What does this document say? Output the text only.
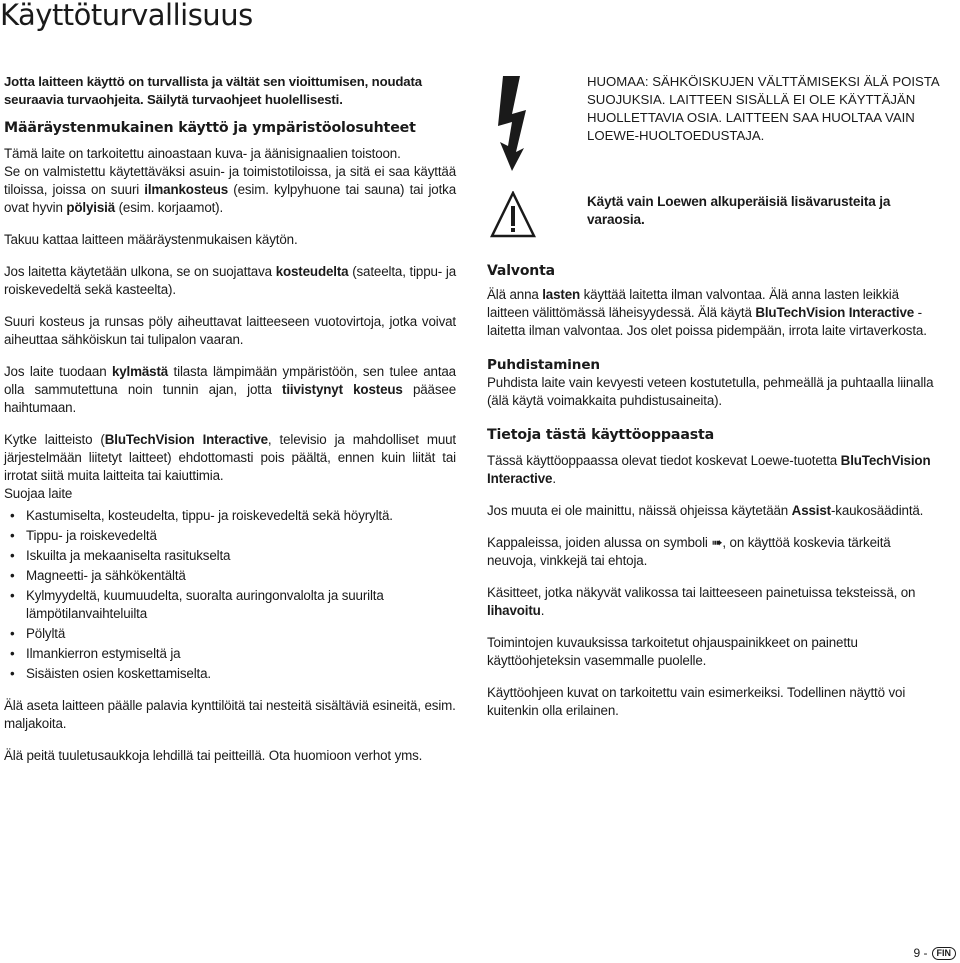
Käyttöturvallisuus

Jotta laitteen käyttö on turvallista ja vältät sen vioittumisen, noudata seuraavia turvaohjeita. Säilytä turvaohjeet huolellisesti.

Määräystenmukainen käyttö ja ympäristöolosuhteet

Tämä laite on tarkoitettu ainoastaan kuva- ja äänisignaalien toistoon.

Se on valmistettu käytettäväksi asuin- ja toimistotiloissa, ja sitä ei saa käyttää tiloissa, joissa on suuri ilmankosteus (esim. kylpyhuone tai sauna) tai jotka ovat hyvin pölyisiä (esim. korjaamot).

Takuu kattaa laitteen määräystenmukaisen käytön.

Jos laitetta käytetään ulkona, se on suojattava kosteudelta (sateelta, tippu- ja roiskevedeltä sekä kasteelta).

Suuri kosteus ja runsas pöly aiheuttavat laitteeseen vuotovirtoja, jotka voivat aiheuttaa sähköiskun tai tulipalon vaaran.

Jos laite tuodaan kylmästä tilasta lämpimään ympäristöön, sen tulee antaa olla sammutettuna noin tunnin ajan, jotta tiivistynyt kosteus pääsee haihtumaan.

Kytke laitteisto (BluTechVision Interactive, televisio ja mahdolliset muut järjestelmään liitetyt laitteet) ehdottomasti pois päältä, ennen kuin liität tai irrotat siitä muita laitteita tai kaiuttimia.

Suojaa laite

• Kastumiselta, kosteudelta, tippu- ja roiskevedeltä sekä höyryltä.
• Tippu- ja roiskevedeltä
• Iskuilta ja mekaaniselta rasitukselta
• Magneetti- ja sähkökentältä
• Kylmyydeltä, kuumuudelta, suoralta auringonvalolta ja suurilta lämpötilanvaihteluilta
• Pölyltä
• Ilmankierron estymiseltä ja
• Sisäisten osien koskettamiselta.

Älä aseta laitteen päälle palavia kynttilöitä tai nesteitä sisältäviä esineitä, esim. maljakoita.

Älä peitä tuuletusaukkoja lehdillä tai peitteillä. Ota huomioon verhot yms.

HUOMAA: SÄHKÖISKUJEN VÄLTTÄMISEKSI ÄLÄ POISTA SUOJUKSIA. LAITTEEN SISÄLLÄ EI OLE KÄYTTÄJÄN HUOLLETTAVIA OSIA. LAITTEEN SAA HUOLTAA VAIN LOEWE-HUOLTOEDUSTAJA.

Käytä vain Loewen alkuperäisiä lisävarusteita ja varaosia.

Valvonta

Älä anna lasten käyttää laitetta ilman valvontaa. Älä anna lasten leikkiä laitteen välittömässä läheisyydessä. Älä käytä BluTechVision Interactive -laitetta ilman valvontaa. Jos olet poissa pidempään, irrota laite virtaverkosta.

Puhdistaminen

Puhdista laite vain kevyesti veteen kostutetulla, pehmeällä ja puhtaalla liinalla (älä käytä voimakkaita puhdistusaineita).

Tietoja tästä käyttöoppaasta

Tässä käyttöoppaassa olevat tiedot koskevat Loewe-tuotetta BluTechVision Interactive.

Jos muuta ei ole mainittu, näissä ohjeissa käytetään Assist-kaukosäädintä.

Kappaleissa, joiden alussa on symboli ➠, on käyttöä koskevia tärkeitä neuvoja, vinkkejä tai ehtoja.

Käsitteet, jotka näkyvät valikossa tai laitteeseen painetuissa teksteissä, on lihavoitu.

Toimintojen kuvauksissa tarkoitetut ohjauspainikkeet on painettu käyttöohjeteksin vasemmalle puolelle.

Käyttöohjeen kuvat on tarkoitettu vain esimerkeiksi. Todellinen näyttö voi kuitenkin olla erilainen.

9 -	FIN
